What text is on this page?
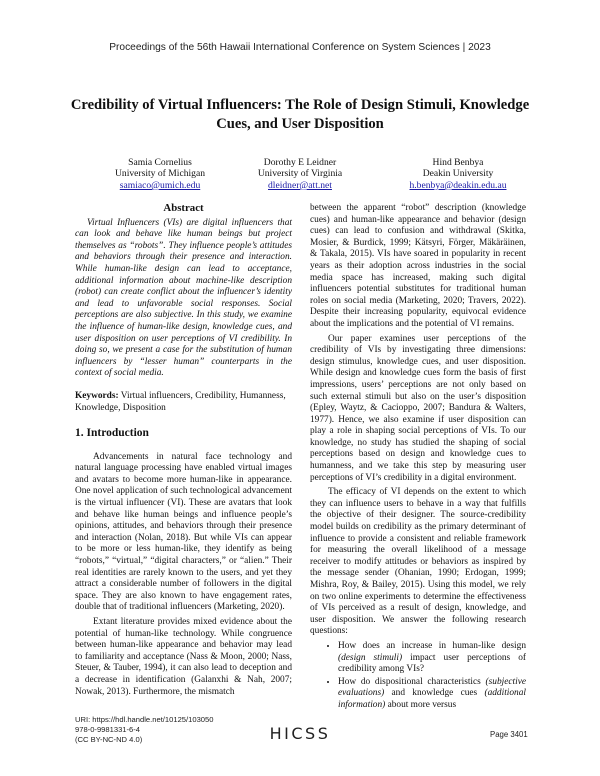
Proceedings of the 56th Hawaii International Conference on System Sciences | 2023
Credibility of Virtual Influencers: The Role of Design Stimuli, Knowledge Cues, and User Disposition
Samia Cornelius
University of Michigan
samiaco@umich.edu
Dorothy E Leidner
University of Virginia
dleidner@att.net
Hind Benbya
Deakin University
h.benbya@deakin.edu.au
Abstract

Virtual Influencers (VIs) are digital influencers that can look and behave like human beings but project themselves as “robots”. They influence people’s attitudes and behaviors through their presence and interaction. While human-like design can lead to acceptance, additional information about machine-like description (robot) can create conflict about the influencer’s identity and lead to unfavorable social responses. Social perceptions are also subjective. In this study, we examine the influence of human-like design, knowledge cues, and user disposition on user perceptions of VI credibility. In doing so, we present a case for the substitution of human influencers by “lesser human” counterparts in the context of social media.

Keywords: Virtual influencers, Credibility, Humanness, Knowledge, Disposition

1. Introduction

Advancements in natural face technology and natural language processing have enabled virtual images and avatars to become more human-like in appearance. One novel application of such technological advancement is the virtual influencer (VI). These are avatars that look and behave like human beings and influence people’s opinions, attitudes, and behaviors through their presence and interaction (Nolan, 2018). But while VIs can appear to be more or less human-like, they identify as being “robots,” “virtual,” “digital characters,” or “alien.” Their real identities are rarely known to the users, and yet they attract a considerable number of followers in the digital space. They are also known to have engagement rates, double that of traditional influencers (Marketing, 2020).

Extant literature provides mixed evidence about the potential of human-like technology. While congruence between human-like appearance and behavior may lead to familiarity and acceptance (Nass & Moon, 2000; Nass, Steuer, & Tauber, 1994), it can also lead to deception and a decrease in identification (Galanxhi & Nah, 2007; Nowak, 2013). Furthermore, the mismatch

between the apparent “robot” description (knowledge cues) and human-like appearance and behavior (design cues) can lead to confusion and withdrawal (Skitka, Mosier, & Burdick, 1999; Kätsyri, Förger, Mäkäräinen, & Takala, 2015). VIs have soared in popularity in recent years as their adoption across industries in the social media space has increased, making such digital influencers potential substitutes for traditional human roles on social media (Marketing, 2020; Travers, 2022). Despite their increasing popularity, equivocal evidence about the implications and the potential of VI remains.

Our paper examines user perceptions of the credibility of VIs by investigating three dimensions: design stimulus, knowledge cues, and user disposition. While design and knowledge cues form the basis of first impressions, users’ perceptions are not only based on such external stimuli but also on the user’s disposition (Epley, Waytz, & Cacioppo, 2007; Bandura & Walters, 1977). Hence, we also examine if user disposition can play a role in shaping social perceptions of VIs. To our knowledge, no study has studied the shaping of social perceptions based on design and knowledge cues to humanness, and we take this step by measuring user perceptions of VI’s credibility in a digital environment.

The efficacy of VI depends on the extent to which they can influence users to behave in a way that fulfills the objective of their designer. The source-credibility model builds on credibility as the primary determinant of influence to provide a consistent and reliable framework for measuring the overall likelihood of a message receiver to modify attitudes or behaviors as inspired by the message sender (Ohanian, 1990; Erdogan, 1999; Mishra, Roy, & Bailey, 2015). Using this model, we rely on two online experiments to determine the effectiveness of VIs perceived as a result of design, knowledge, and user disposition. We answer the following research questions:

• How does an increase in human-like design (design stimuli) impact user perceptions of credibility among VIs?
• How do dispositional characteristics (subjective evaluations) and knowledge cues (additional information) about more versus
URI: https://hdl.handle.net/10125/103050
978-0-9981331-6-4
(CC BY-NC-ND 4.0)	HICSS	Page 3401
